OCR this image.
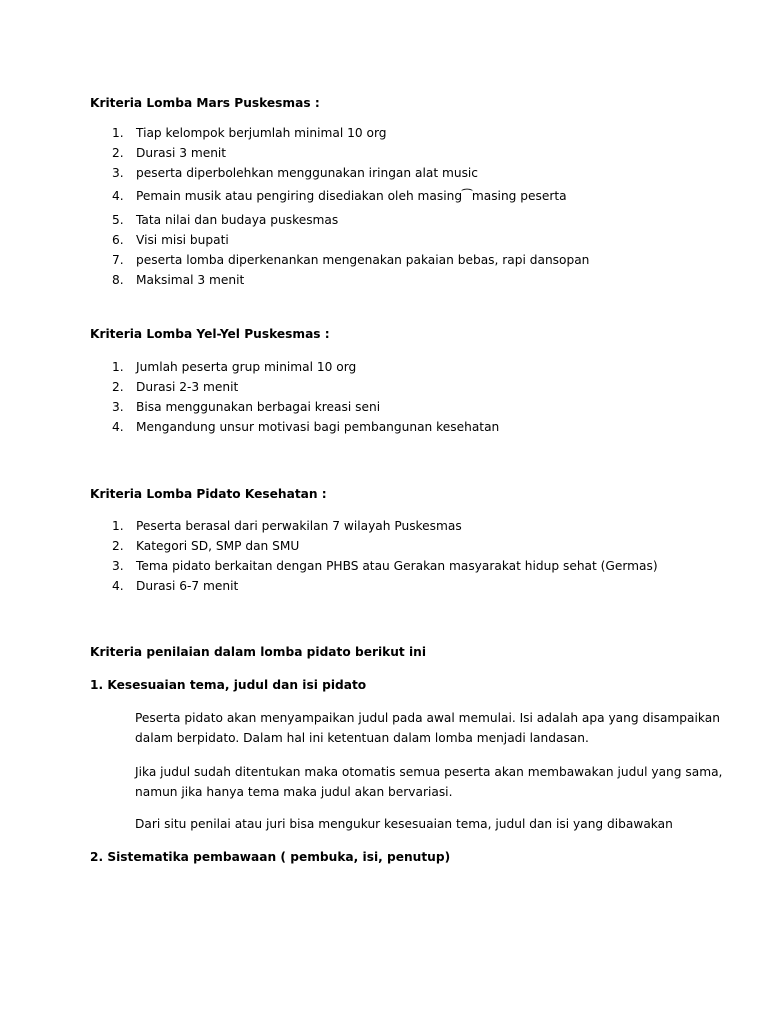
Kriteria Lomba Mars Puskesmas :
1.	Tiap kelompok berjumlah minimal 10 org
2.	Durasi 3 menit
3.	peserta diperbolehkan menggunakan iringan alat music
4.	Pemain musik atau pengiring disediakan oleh masing⁀masing peserta
5.	Tata nilai dan budaya puskesmas
6.	Visi misi bupati
7.	peserta lomba diperkenankan mengenakan pakaian bebas, rapi dansopan
8.	Maksimal 3 menit
Kriteria Lomba Yel-Yel Puskesmas :
1.	Jumlah peserta grup minimal 10 org
2.	Durasi 2-3 menit
3.	Bisa menggunakan berbagai kreasi seni
4.	Mengandung unsur motivasi bagi pembangunan kesehatan
Kriteria Lomba Pidato Kesehatan :
1.	Peserta berasal dari perwakilan 7 wilayah Puskesmas
2.	Kategori SD, SMP dan SMU
3.	Tema pidato berkaitan dengan PHBS atau Gerakan masyarakat hidup sehat (Germas)
4.	Durasi 6-7 menit
Kriteria penilaian dalam lomba pidato berikut ini
1. Kesesuaian tema, judul dan isi pidato
Peserta pidato akan menyampaikan judul pada awal memulai. Isi adalah apa yang disampaikan
dalam berpidato. Dalam hal ini ketentuan dalam lomba menjadi landasan.
Jika judul sudah ditentukan maka otomatis semua peserta akan membawakan judul yang sama,
namun jika hanya tema maka judul akan bervariasi.
Dari situ penilai atau juri bisa mengukur kesesuaian tema, judul dan isi yang dibawakan
2. Sistematika pembawaan ( pembuka, isi, penutup)
